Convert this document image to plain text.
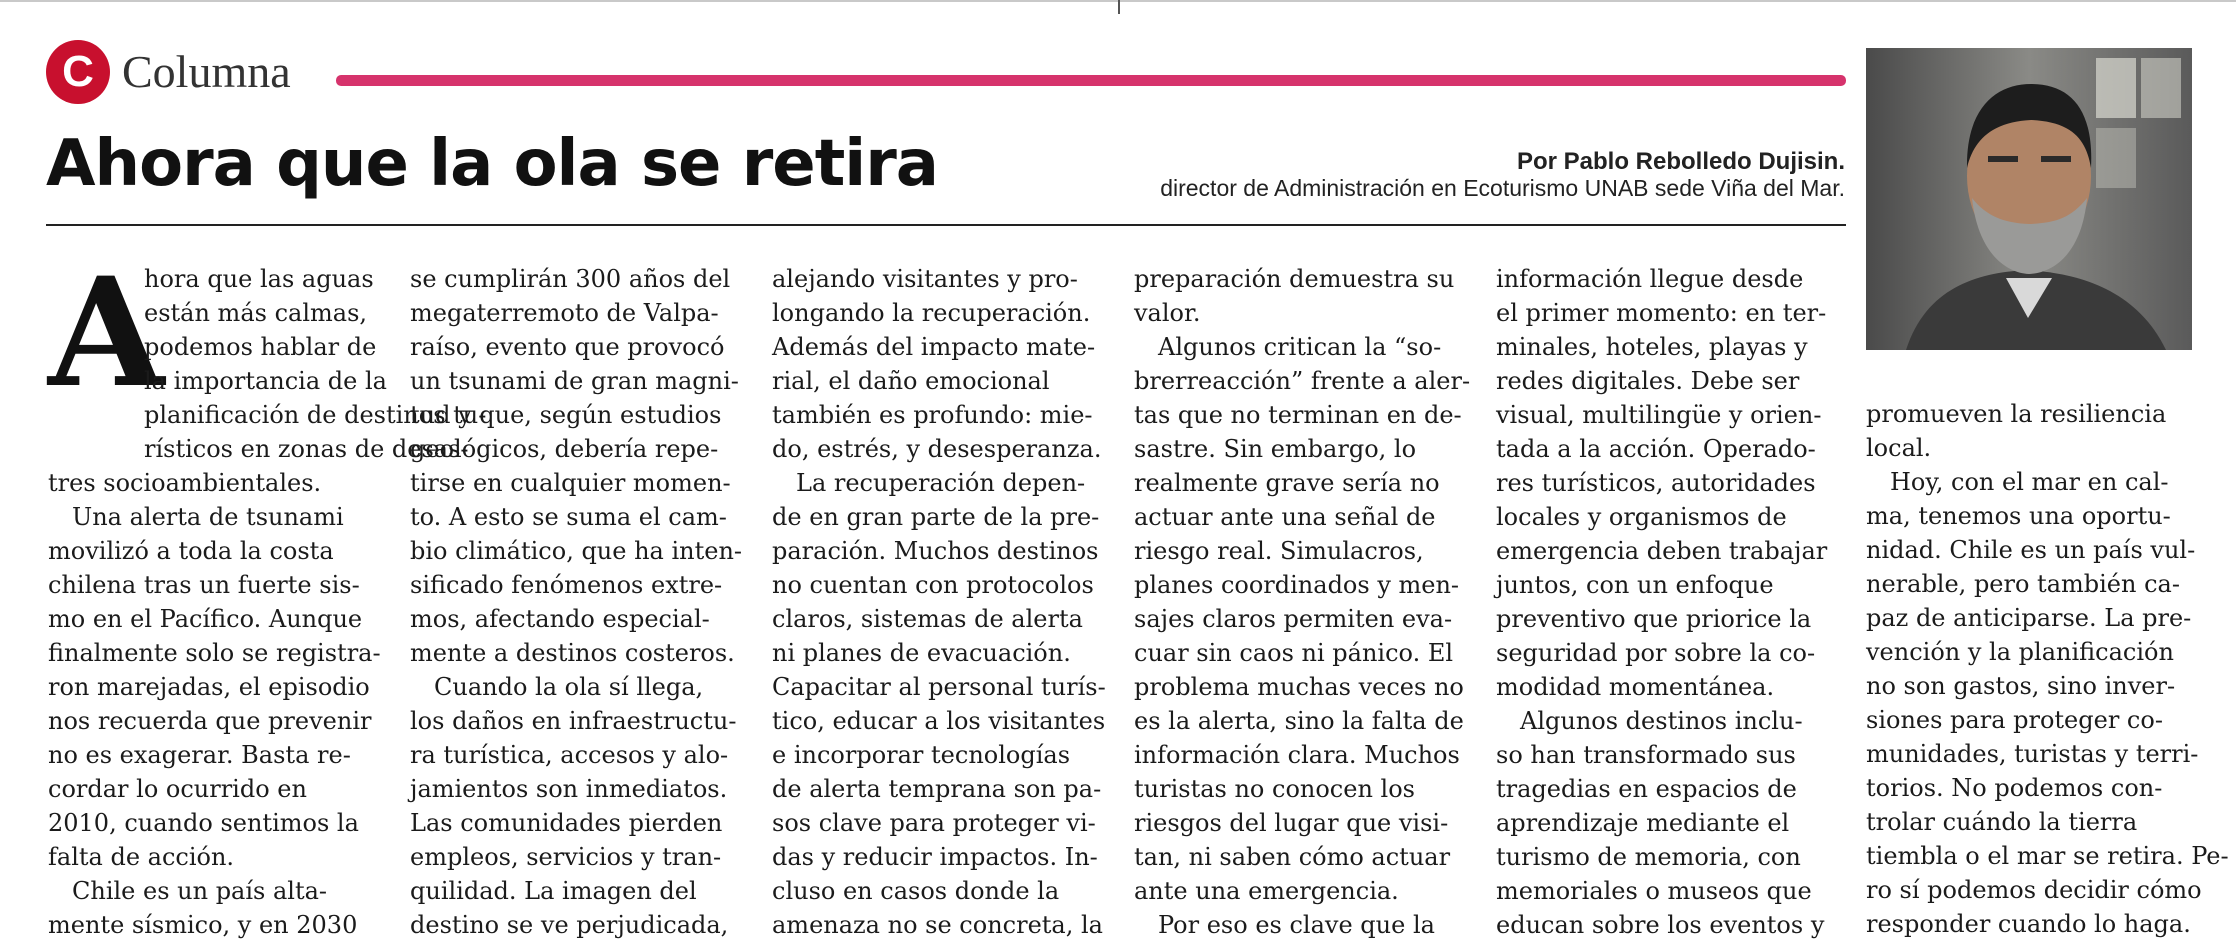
C Columna
Ahora que la ola se retira	Por Pablo Rebolledo Dujisin.
director de Administración en Ecoturismo UNAB sede Viña del Mar.
A

hora que las aguas

están más calmas,

podemos hablar de

la importancia de la

planificación de destinos tu-

rísticos en zonas de desas-

tres socioambientales.

Una alerta de tsunami

movilizó a toda la costa

chilena tras un fuerte sis-

mo en el Pacífico. Aunque

finalmente solo se registra-

ron marejadas, el episodio

nos recuerda que prevenir

no es exagerar. Basta re-

cordar lo ocurrido en

2010, cuando sentimos la

falta de acción.

Chile es un país alta-

mente sísmico, y en 2030

se cumplirán 300 años del

megaterremoto de Valpa-

raíso, evento que provocó

un tsunami de gran magni-

tud y que, según estudios

geológicos, debería repe-

tirse en cualquier momen-

to. A esto se suma el cam-

bio climático, que ha inten-

sificado fenómenos extre-

mos, afectando especial-

mente a destinos costeros.

Cuando la ola sí llega,

los daños en infraestructu-

ra turística, accesos y alo-

jamientos son inmediatos.

Las comunidades pierden

empleos, servicios y tran-

quilidad. La imagen del

destino se ve perjudicada,

alejando visitantes y pro-

longando la recuperación.

Además del impacto mate-

rial, el daño emocional

también es profundo: mie-

do, estrés, y desesperanza.

La recuperación depen-

de en gran parte de la pre-

paración. Muchos destinos

no cuentan con protocolos

claros, sistemas de alerta

ni planes de evacuación.

Capacitar al personal turís-

tico, educar a los visitantes

e incorporar tecnologías

de alerta temprana son pa-

sos clave para proteger vi-

das y reducir impactos. In-

cluso en casos donde la

amenaza no se concreta, la

preparación demuestra su

valor.

Algunos critican la “so-

brerreacción” frente a aler-

tas que no terminan en de-

sastre. Sin embargo, lo

realmente grave sería no

actuar ante una señal de

riesgo real. Simulacros,

planes coordinados y men-

sajes claros permiten eva-

cuar sin caos ni pánico. El

problema muchas veces no

es la alerta, sino la falta de

información clara. Muchos

turistas no conocen los

riesgos del lugar que visi-

tan, ni saben cómo actuar

ante una emergencia.

Por eso es clave que la

información llegue desde

el primer momento: en ter-

minales, hoteles, playas y

redes digitales. Debe ser

visual, multilingüe y orien-

tada a la acción. Operado-

res turísticos, autoridades

locales y organismos de

emergencia deben trabajar

juntos, con un enfoque

preventivo que priorice la

seguridad por sobre la co-

modidad momentánea.

Algunos destinos inclu-

so han transformado sus

tragedias en espacios de

aprendizaje mediante el

turismo de memoria, con

memoriales o museos que

educan sobre los eventos y

promueven la resiliencia

local.

Hoy, con el mar en cal-

ma, tenemos una oportu-

nidad. Chile es un país vul-

nerable, pero también ca-

paz de anticiparse. La pre-

vención y la planificación

no son gastos, sino inver-

siones para proteger co-

munidades, turistas y terri-

torios. No podemos con-

trolar cuándo la tierra

tiembla o el mar se retira. Pe-

ro sí podemos decidir cómo

responder cuando lo haga.
